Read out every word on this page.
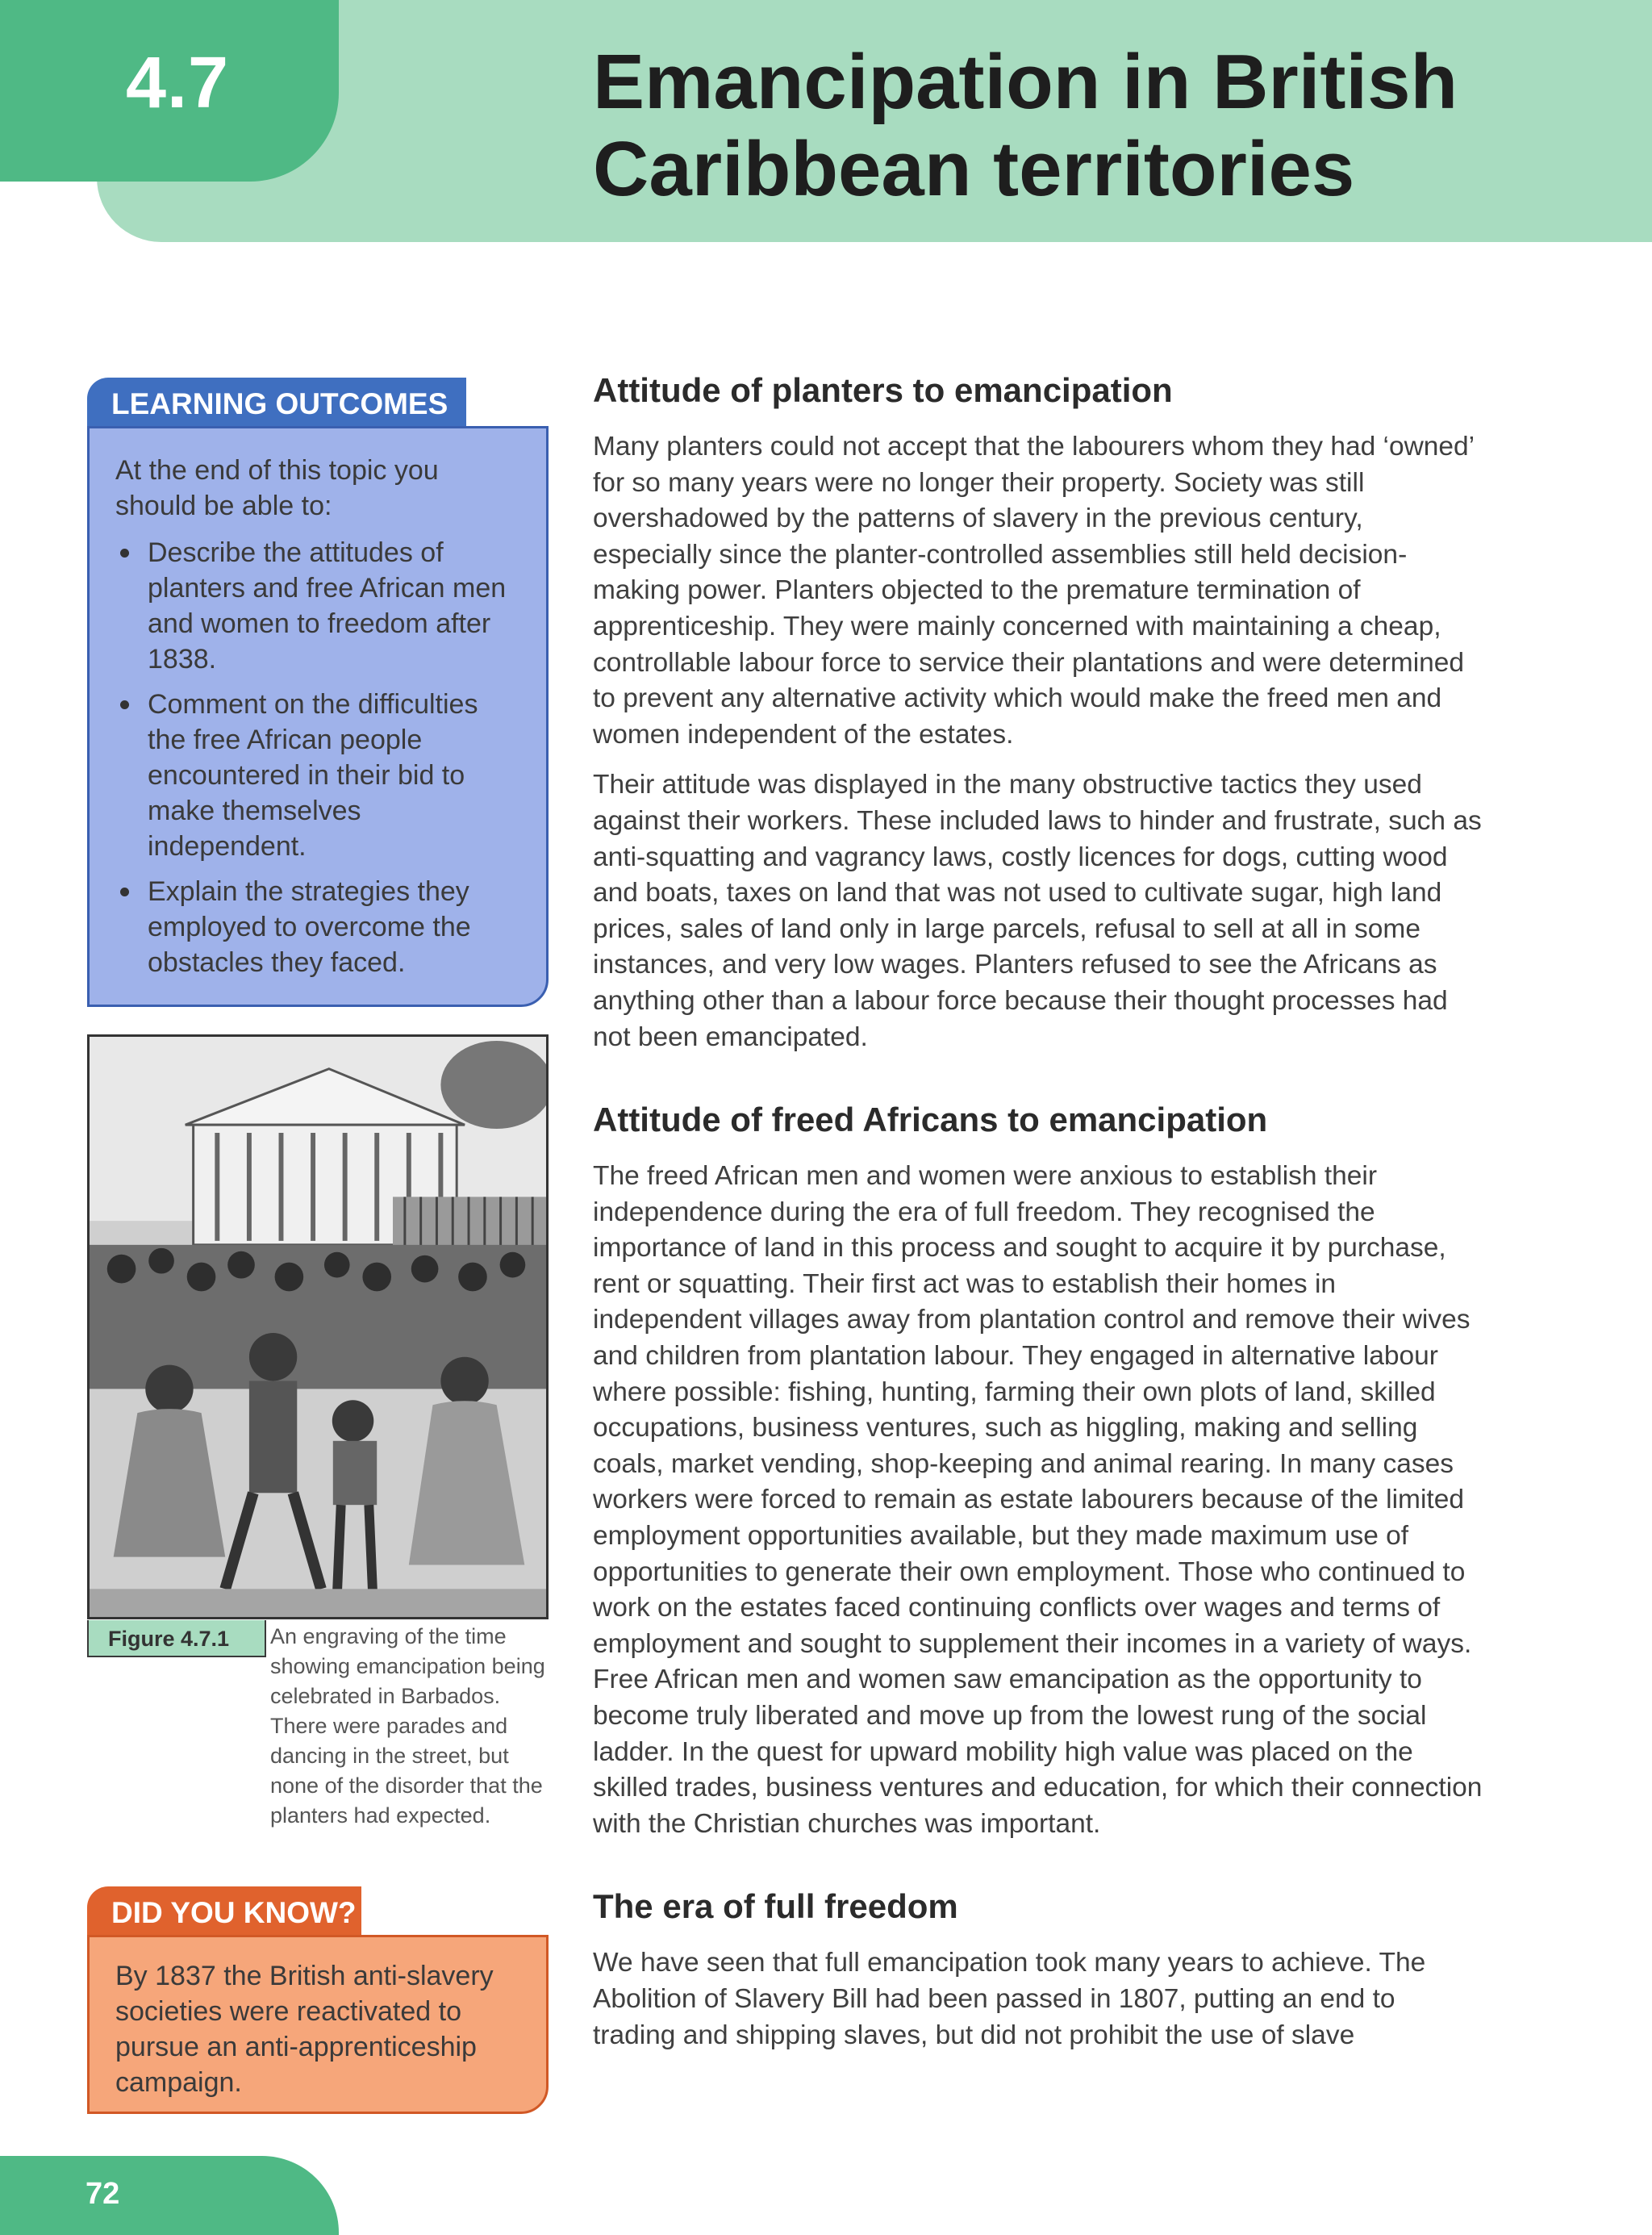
4.7	Emancipation in British Caribbean territories
LEARNING OUTCOMES

At the end of this topic you should be able to:

Describe the attitudes of planters and free African men and women to freedom after 1838.
Comment on the difficulties the free African people encountered in their bid to make themselves independent.
Explain the strategies they employed to overcome the obstacles they faced.
Figure 4.7.1	An engraving of the time showing emancipation being celebrated in Barbados. There were parades and dancing in the street, but none of the disorder that the planters had expected.
DID YOU KNOW?
By 1837 the British anti-slavery societies were reactivated to pursue an anti-apprenticeship campaign.
Attitude of planters to emancipation

Many planters could not accept that the labourers whom they had ‘owned’ for so many years were no longer their property. Society was still overshadowed by the patterns of slavery in the previous century, especially since the planter-controlled assemblies still held decision-making power. Planters objected to the premature termination of apprenticeship. They were mainly concerned with maintaining a cheap, controllable labour force to service their plantations and were determined to prevent any alternative activity which would make the freed men and women independent of the estates.

Their attitude was displayed in the many obstructive tactics they used against their workers. These included laws to hinder and frustrate, such as anti-squatting and vagrancy laws, costly licences for dogs, cutting wood and boats, taxes on land that was not used to cultivate sugar, high land prices, sales of land only in large parcels, refusal to sell at all in some instances, and very low wages. Planters refused to see the Africans as anything other than a labour force because their thought processes had not been emancipated.

Attitude of freed Africans to emancipation

The freed African men and women were anxious to establish their independence during the era of full freedom. They recognised the importance of land in this process and sought to acquire it by purchase, rent or squatting. Their first act was to establish their homes in independent villages away from plantation control and remove their wives and children from plantation labour. They engaged in alternative labour where possible: fishing, hunting, farming their own plots of land, skilled occupations, business ventures, such as higgling, making and selling coals, market vending, shop-keeping and animal rearing. In many cases workers were forced to remain as estate labourers because of the limited employment opportunities available, but they made maximum use of opportunities to generate their own employment. Those who continued to work on the estates faced continuing conflicts over wages and terms of employment and sought to supplement their incomes in a variety of ways. Free African men and women saw emancipation as the opportunity to become truly liberated and move up from the lowest rung of the social ladder. In the quest for upward mobility high value was placed on the skilled trades, business ventures and education, for which their connection with the Christian churches was important.

The era of full freedom

We have seen that full emancipation took many years to achieve. The Abolition of Slavery Bill had been passed in 1807, putting an end to trading and shipping slaves, but did not prohibit the use of slave

72
